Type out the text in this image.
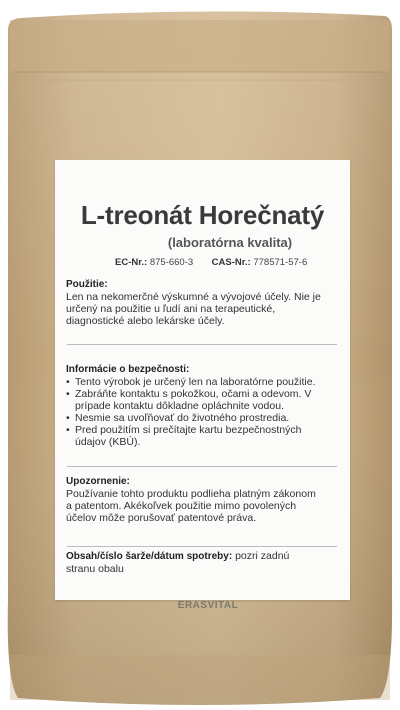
L-treonát Horečnatý
(laboratórna kvalita)
EC-Nr.: 875-660-3 CAS-Nr.: 778571-57-6
Použitie:
Len na nekomerčné výskumné a vývojové účely. Nie je určený na použitie u ľudí ani na terapeutické, diagnostické alebo lekárske účely.
Informácie o bezpečnosti:
• Tento výrobok je určený len na laboratórne použitie.
• Zabráňte kontaktu s pokožkou, očami a odevom. V prípade kontaktu dôkladne opláchnite vodou.
• Nesmie sa uvoľňovať do životného prostredia.
• Pred použitím si prečítajte kartu bezpečnostných údajov (KBÚ).
Upozornenie:
Používanie tohto produktu podlieha platným zákonom a patentom. Akékoľvek použitie mimo povolených účelov môže porušovať patentové práva.
Obsah/číslo šarže/dátum spotreby: pozri zadnú stranu obalu
ERASVITAL
